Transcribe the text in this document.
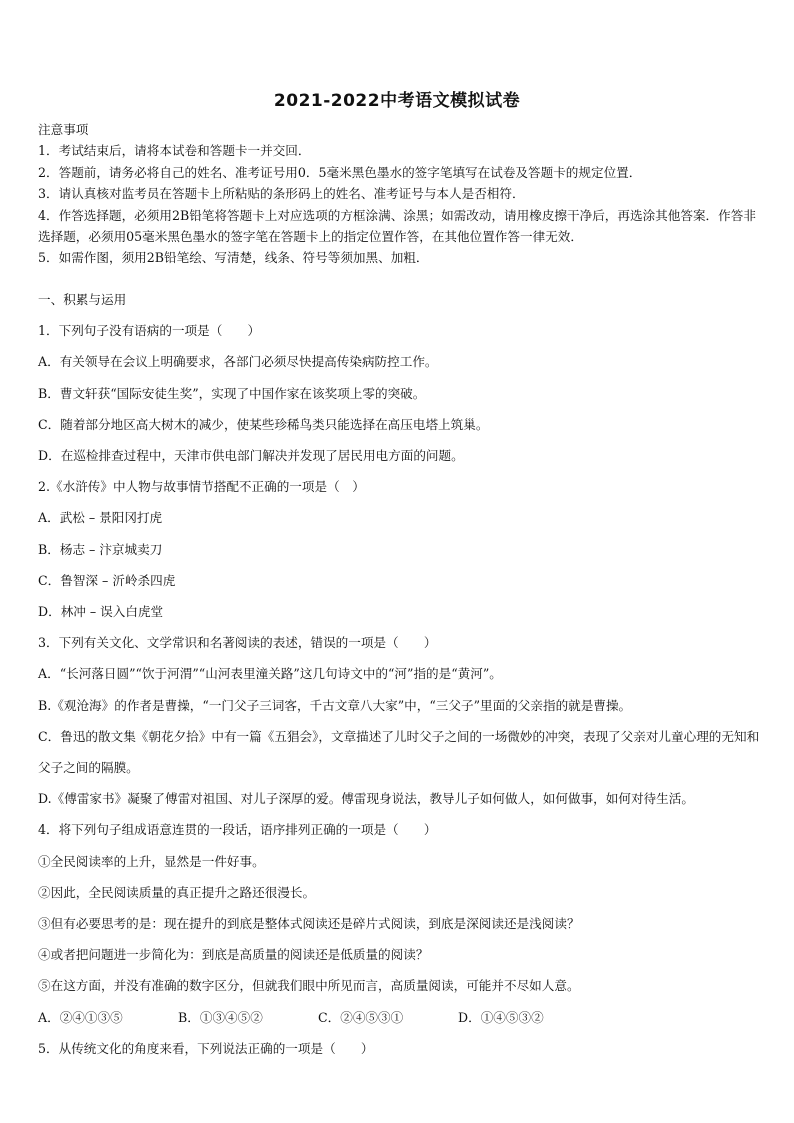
2021-2022中考语文模拟试卷
注意事项
1．考试结束后，请将本试卷和答题卡一并交回．
2．答题前，请务必将自己的姓名、准考证号用0．5毫米黑色墨水的签字笔填写在试卷及答题卡的规定位置．
3．请认真核对监考员在答题卡上所粘贴的条形码上的姓名、准考证号与本人是否相符．
4．作答选择题，必须用2B铅笔将答题卡上对应选项的方框涂满、涂黑；如需改动，请用橡皮擦干净后，再选涂其他答案．作答非选择题，必须用05毫米黑色墨水的签字笔在答题卡上的指定位置作答，在其他位置作答一律无效．
5．如需作图，须用2B铅笔绘、写清楚，线条、符号等须加黑、加粗．
一、积累与运用
1．下列句子没有语病的一项是（　　）
A．有关领导在会议上明确要求，各部门必须尽快提高传染病防控工作。
B．曹文轩获“国际安徒生奖”，实现了中国作家在该奖项上零的突破。
C．随着部分地区高大树木的减少，使某些珍稀鸟类只能选择在高压电塔上筑巢。
D．在巡检排查过程中，天津市供电部门解决并发现了居民用电方面的问题。
2.《水浒传》中人物与故事情节搭配不正确的一项是（　）
A．武松 – 景阳冈打虎
B．杨志 – 汴京城卖刀
C．鲁智深 – 沂岭杀四虎
D．林冲 – 误入白虎堂
3．下列有关文化、文学常识和名著阅读的表述，错误的一项是（　　）
A．“长河落日圆”“饮于河渭”“山河表里潼关路”这几句诗文中的“河”指的是“黄河”。
B.《观沧海》的作者是曹操，“一门父子三词客，千古文章八大家”中，“三父子”里面的父亲指的就是曹操。
C．鲁迅的散文集《朝花夕拾》中有一篇《五猖会》，文章描述了儿时父子之间的一场微妙的冲突，表现了父亲对儿童心理的无知和父子之间的隔膜。
D.《傅雷家书》凝聚了傅雷对祖国、对儿子深厚的爱。傅雷现身说法，教导儿子如何做人，如何做事，如何对待生活。
4．将下列句子组成语意连贯的一段话，语序排列正确的一项是（　　）
①全民阅读率的上升，显然是一件好事。
②因此，全民阅读质量的真正提升之路还很漫长。
③但有必要思考的是：现在提升的到底是整体式阅读还是碎片式阅读，到底是深阅读还是浅阅读？
④或者把问题进一步简化为：到底是高质量的阅读还是低质量的阅读？
⑤在这方面，并没有准确的数字区分，但就我们眼中所见而言，高质量阅读，可能并不尽如人意。
A．②④①③⑤	B．①③④⑤②	C．②④⑤③①	D．①④⑤③②
5．从传统文化的角度来看，下列说法正确的一项是（　　）
